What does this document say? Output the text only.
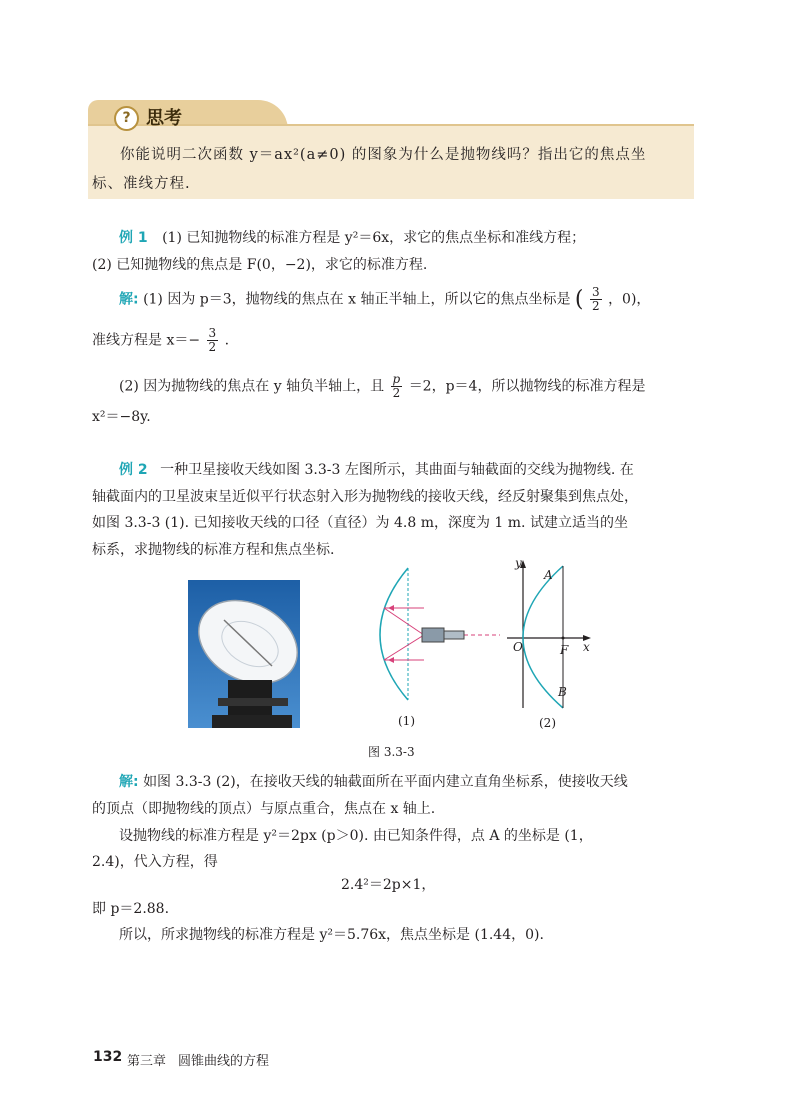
? 思考
你能说明二次函数 y＝ax²(a≠0) 的图象为什么是抛物线吗？指出它的焦点坐
标、准线方程.
例 1 (1) 已知抛物线的标准方程是 y²＝6x，求它的焦点坐标和准线方程；
(2) 已知抛物线的焦点是 F(0，−2)，求它的标准方程.
解: (1) 因为 p＝3，抛物线的焦点在 x 轴正半轴上，所以它的焦点坐标是 ( $\frac{3}{2}$ ，0)，
准线方程是 $x=- \frac{3}{2}$ .
(2) 因为抛物线的焦点在 y 轴负半轴上，且 $\frac{p}{2} =2$，p＝4，所以抛物线的标准方程是
x²＝−8y.
例 2 一种卫星接收天线如图 3.3-3 左图所示，其曲面与轴截面的交线为抛物线. 在
轴截面内的卫星波束呈近似平行状态射入形为抛物线的接收天线，经反射聚集到焦点处，
如图 3.3-3 (1). 已知接收天线的口径（直径）为 4.8 m，深度为 1 m. 试建立适当的坐
标系，求抛物线的标准方程和焦点坐标.
(1)
y
x
A
B
O	F
(2)
图 3.3-3
解: 如图 3.3-3 (2)，在接收天线的轴截面所在平面内建立直角坐标系，使接收天线
的顶点（即抛物线的顶点）与原点重合，焦点在 x 轴上.
设抛物线的标准方程是 y²＝2px (p＞0). 由已知条件得，点 A 的坐标是 (1，
2.4)，代入方程，得
2.4²＝2p×1，
即 p＝2.88.
所以，所求抛物线的标准方程是 y²＝5.76x，焦点坐标是 (1.44，0).
132 第三章 圆锥曲线的方程
